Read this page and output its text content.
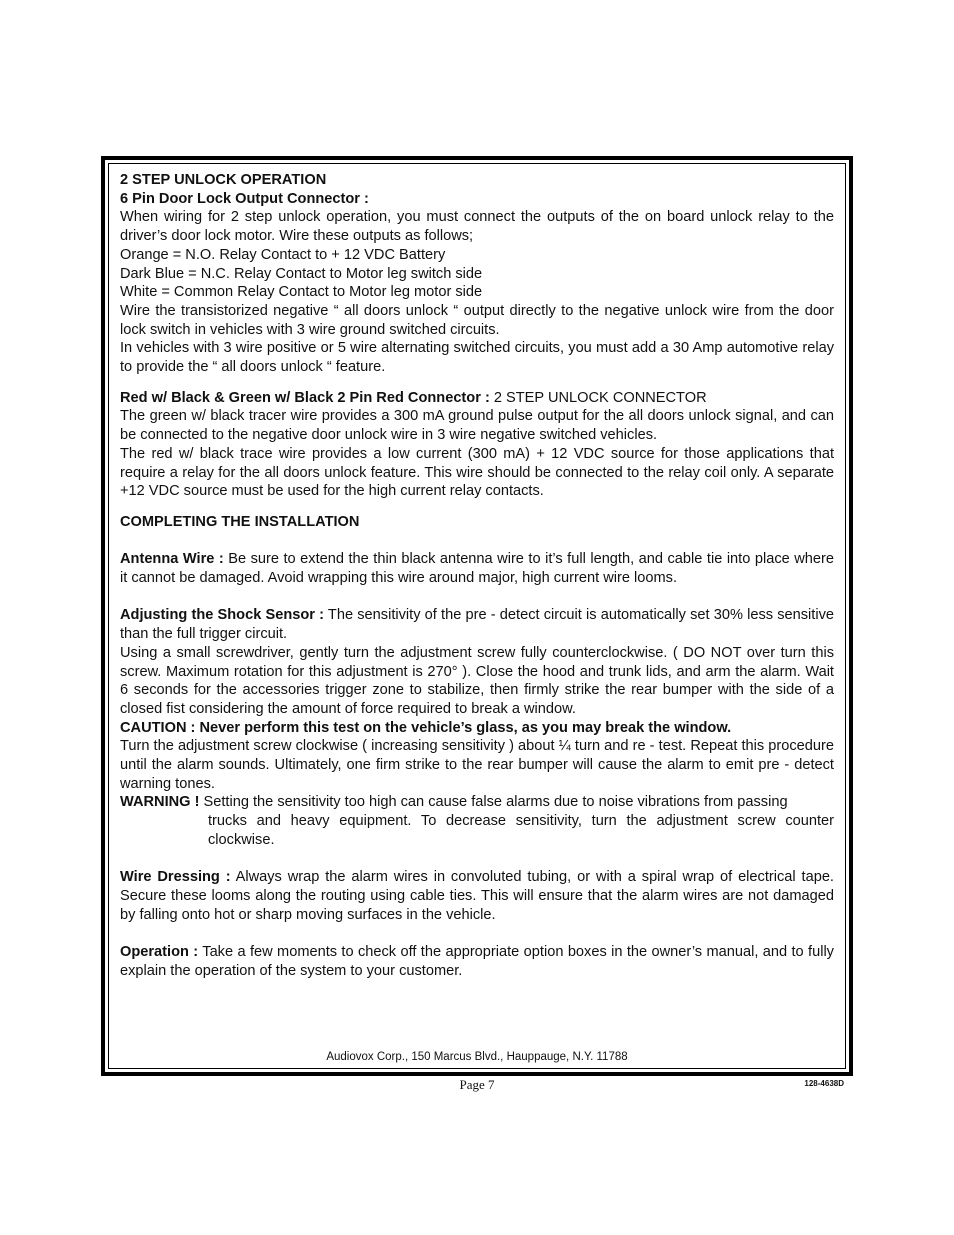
2 STEP UNLOCK OPERATION

6 Pin Door Lock Output Connector :

When wiring for 2 step unlock operation, you must connect the outputs of the on board unlock relay to the driver’s door lock motor. Wire these outputs as follows;

Orange = N.O. Relay Contact to + 12 VDC Battery

Dark Blue = N.C. Relay Contact to Motor leg switch side

White = Common Relay Contact to Motor leg motor side

Wire the transistorized negative “ all doors unlock “ output directly to the negative unlock wire from the door lock switch in vehicles with 3 wire ground switched circuits.

In vehicles with 3 wire positive or 5 wire alternating switched circuits, you must add a 30 Amp automotive relay to provide the “ all doors unlock “ feature.

Red w/ Black & Green w/ Black 2 Pin Red Connector : 2 STEP UNLOCK CONNECTOR

The green w/ black tracer wire provides a 300 mA ground pulse output for the all doors unlock signal, and can be connected to the negative door unlock wire in 3 wire negative switched vehicles.

The red w/ black trace wire provides a low current (300 mA) + 12 VDC source for those applications that require a relay for the all doors unlock feature. This wire should be connected to the relay coil only. A separate +12 VDC source must be used for the high current relay contacts.

COMPLETING THE INSTALLATION

Antenna Wire : Be sure to extend the thin black antenna wire to it’s full length, and cable tie into place where it cannot be damaged. Avoid wrapping this wire around major, high current wire looms.

Adjusting the Shock Sensor : The sensitivity of the pre - detect circuit is automatically set 30% less sensitive than the full trigger circuit.

Using a small screwdriver, gently turn the adjustment screw fully counterclockwise. ( DO NOT over turn this screw. Maximum rotation for this adjustment is 270° ). Close the hood and trunk lids, and arm the alarm. Wait 6 seconds for the accessories trigger zone to stabilize, then firmly strike the rear bumper with the side of a closed fist considering the amount of force required to break a window.

CAUTION : Never perform this test on the vehicle’s glass, as you may break the window.

Turn the adjustment screw clockwise ( increasing sensitivity ) about ¼ turn and re - test. Repeat this procedure until the alarm sounds. Ultimately, one firm strike to the rear bumper will cause the alarm to emit pre - detect warning tones.

WARNING ! Setting the sensitivity too high can cause false alarms due to noise vibrations from passing

trucks and heavy equipment. To decrease sensitivity, turn the adjustment screw counter clockwise.

Wire Dressing : Always wrap the alarm wires in convoluted tubing, or with a spiral wrap of electrical tape. Secure these looms along the routing using cable ties. This will ensure that the alarm wires are not damaged by falling onto hot or sharp moving surfaces in the vehicle.

Operation : Take a few moments to check off the appropriate option boxes in the owner’s manual, and to fully explain the operation of the system to your customer.

Audiovox Corp., 150 Marcus Blvd., Hauppauge, N.Y. 11788
Page 7	128-4638D
